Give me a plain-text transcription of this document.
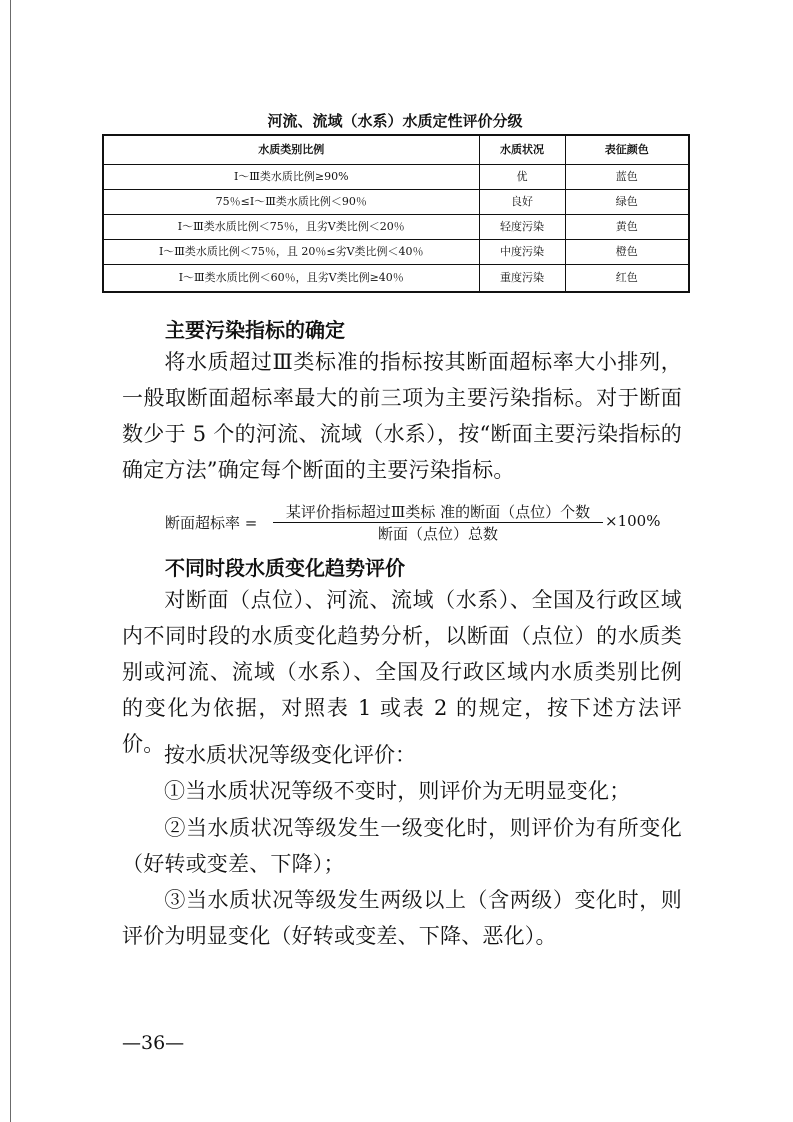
河流、流域（水系）水质定性评价分级
水质类别比例	水质状况	表征颜色
Ⅰ～Ⅲ类水质比例≥90%	优	蓝色
75％≤Ⅰ～Ⅲ类水质比例＜90％	良好	绿色
Ⅰ～Ⅲ类水质比例＜75％，且劣Ⅴ类比例＜20％	轻度污染	黄色
Ⅰ～Ⅲ类水质比例＜75％，且 20％≤劣Ⅴ类比例＜40％	中度污染	橙色
Ⅰ～Ⅲ类水质比例＜60％，且劣Ⅴ类比例≥40％	重度污染	红色
主要污染指标的确定

将水质超过Ⅲ类标准的指标按其断面超标率大小排列，一般取断面超标率最大的前三项为主要污染指标。对于断面数少于 5 个的河流、流域（水系），按“断面主要污染指标的确定方法”确定每个断面的主要污染指标。

断面超标率 =
某评价指标超过Ⅲ类标 准的断面（点位）个数
断面（点位）总数
×100%
不同时段水质变化趋势评价

对断面（点位）、河流、流域（水系）、全国及行政区域内不同时段的水质变化趋势分析，以断面（点位）的水质类别或河流、流域（水系）、全国及行政区域内水质类别比例的变化为依据，对照表 1 或表 2 的规定，按下述方法评价。 按水质状况等级变化评价：

①当水质状况等级不变时，则评价为无明显变化；

②当水质状况等级发生一级变化时，则评价为有所变化（好转或变差、下降）；

③当水质状况等级发生两级以上（含两级）变化时，则评价为明显变化（好转或变差、下降、恶化）。

—36—
